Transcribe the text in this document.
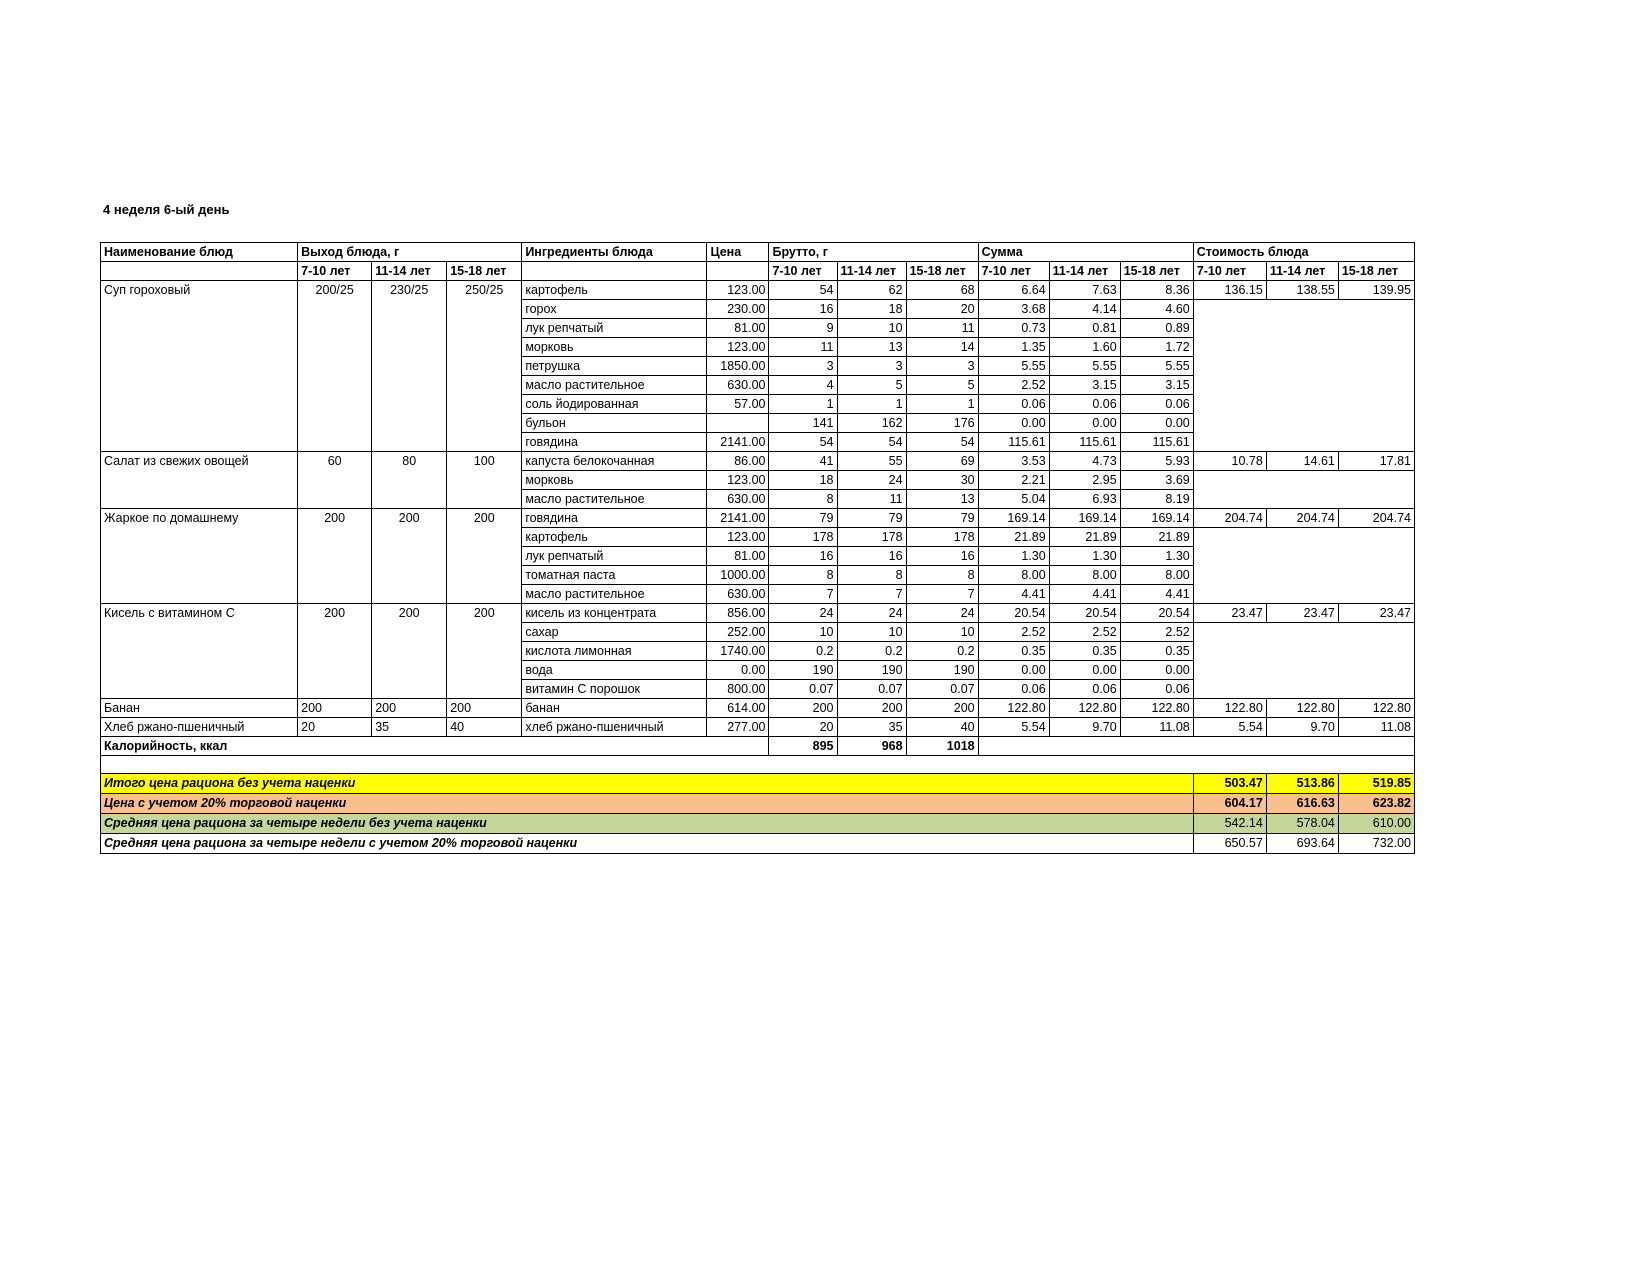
4 неделя 6-ый день
Наименование блюд	Выход блюда, г			Ингредиенты блюда	Цена	Брутто, г			Сумма			Стоимость блюда		
	7-10 лет	11-14 лет	15-18 лет			7-10 лет	11-14 лет	15-18 лет	7-10 лет	11-14 лет	15-18 лет	7-10 лет	11-14 лет	15-18 лет
Суп гороховый	200/25	230/25	250/25	картофель	123.00	54	62	68	6.64	7.63	8.36	136.15	138.55	139.95
				горох	230.00	16	18	20	3.68	4.14	4.60			
				лук репчатый	81.00	9	10	11	0.73	0.81	0.89			
				морковь	123.00	11	13	14	1.35	1.60	1.72			
				петрушка	1850.00	3	3	3	5.55	5.55	5.55			
				масло растительное	630.00	4	5	5	2.52	3.15	3.15			
				соль йодированная	57.00	1	1	1	0.06	0.06	0.06			
				бульон		141	162	176	0.00	0.00	0.00			
				говядина	2141.00	54	54	54	115.61	115.61	115.61			
Салат из свежих овощей	60	80	100	капуста белокочанная	86.00	41	55	69	3.53	4.73	5.93	10.78	14.61	17.81
				морковь	123.00	18	24	30	2.21	2.95	3.69			
				масло растительное	630.00	8	11	13	5.04	6.93	8.19			
Жаркое по домашнему	200	200	200	говядина	2141.00	79	79	79	169.14	169.14	169.14	204.74	204.74	204.74
				картофель	123.00	178	178	178	21.89	21.89	21.89			
				лук репчатый	81.00	16	16	16	1.30	1.30	1.30			
				томатная паста	1000.00	8	8	8	8.00	8.00	8.00			
				масло растительное	630.00	7	7	7	4.41	4.41	4.41			
Кисель с витамином С	200	200	200	кисель из концентрата	856.00	24	24	24	20.54	20.54	20.54	23.47	23.47	23.47
				сахар	252.00	10	10	10	2.52	2.52	2.52			
				кислота лимонная	1740.00	0.2	0.2	0.2	0.35	0.35	0.35			
				вода	0.00	190	190	190	0.00	0.00	0.00			
				витамин С порошок	800.00	0.07	0.07	0.07	0.06	0.06	0.06			
Банан	200	200	200	банан	614.00	200	200	200	122.80	122.80	122.80	122.80	122.80	122.80
Хлеб ржано-пшеничный	20	35	40	хлеб ржано-пшеничный	277.00	20	35	40	5.54	9.70	11.08	5.54	9.70	11.08
Калорийность, ккал						895	968	1018						

Итого цена рациона без учета наценки												503.47	513.86	519.85
Цена с учетом 20% торговой наценки												604.17	616.63	623.82
Средняя цена рациона за четыре недели без учета наценки												542.14	578.04	610.00
Средняя цена рациона за четыре недели с учетом 20% торговой наценки												650.57	693.64	732.00
